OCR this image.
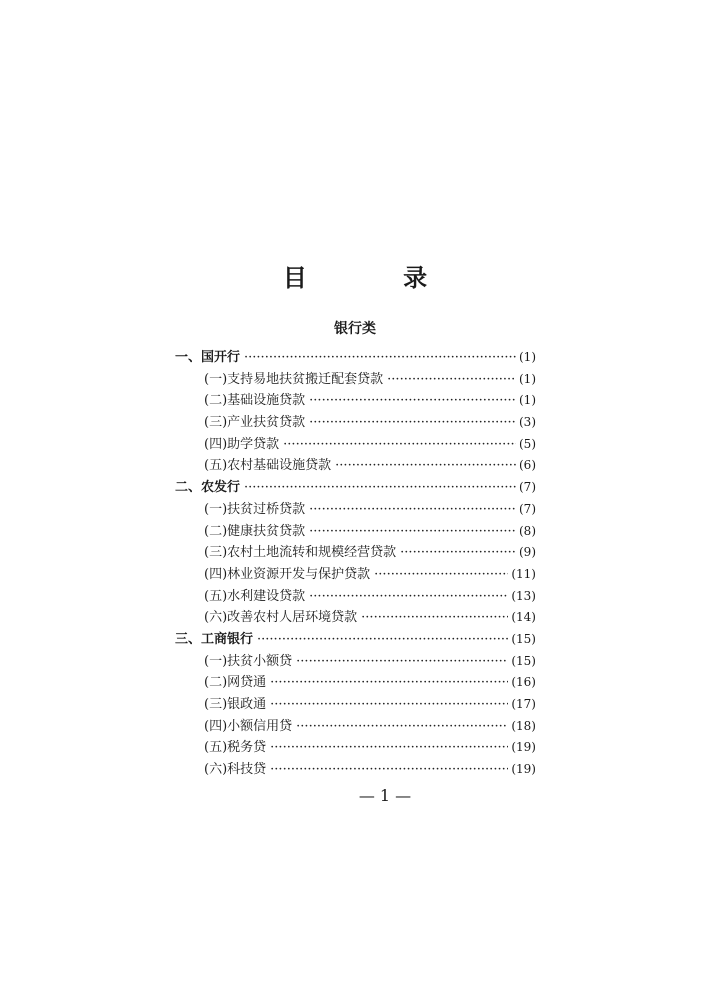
目 录
银行类
一、国开行 ·····	(1)
(一)支持易地扶贫搬迁配套贷款 ·····	(1)
(二)基础设施贷款 ·····	(1)
(三)产业扶贫贷款 ·····	(3)
(四)助学贷款 ·····	(5)
(五)农村基础设施贷款 ·····	(6)
二、农发行 ·····	(7)
(一)扶贫过桥贷款 ·····	(7)
(二)健康扶贫贷款 ·····	(8)
(三)农村土地流转和规模经营贷款 ·····	(9)
(四)林业资源开发与保护贷款 ·····	(11)
(五)水利建设贷款 ·····	(13)
(六)改善农村人居环境贷款 ·····	(14)
三、工商银行 ·····	(15)
(一)扶贫小额贷 ·····	(15)
(二)网贷通 ·····	(16)
(三)银政通 ·····	(17)
(四)小额信用贷 ·····	(18)
(五)税务贷 ·····	(19)
(六)科技贷 ·····	(19)
— 1 —
